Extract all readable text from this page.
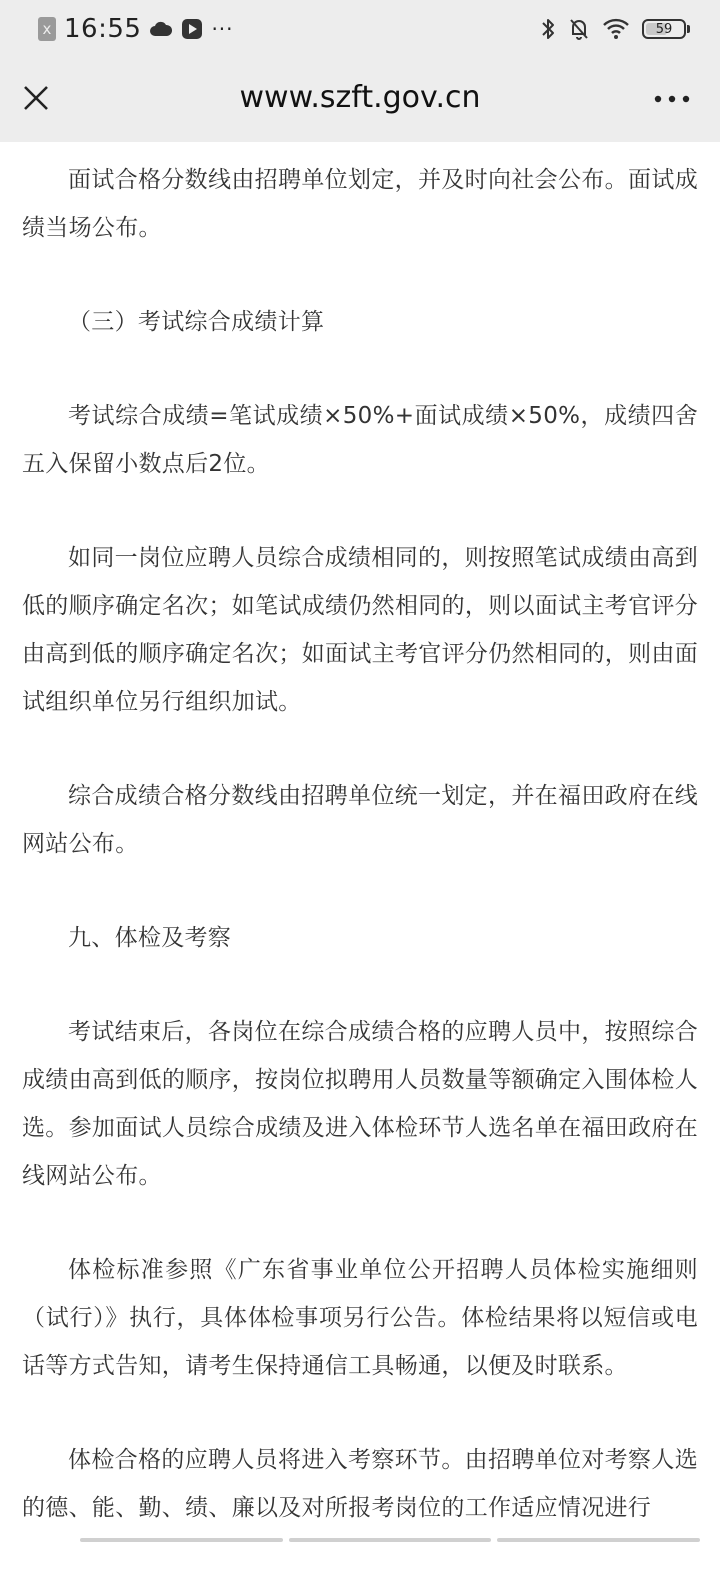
x 16:55	···	59
www.szft.gov.cn

面试合格分数线由招聘单位划定，并及时向社会公布。面试成绩当场公布。

（三）考试综合成绩计算

考试综合成绩=笔试成绩×50%+面试成绩×50%，成绩四舍五入保留小数点后2位。

如同一岗位应聘人员综合成绩相同的，则按照笔试成绩由高到低的顺序确定名次；如笔试成绩仍然相同的，则以面试主考官评分由高到低的顺序确定名次；如面试主考官评分仍然相同的，则由面试组织单位另行组织加试。

综合成绩合格分数线由招聘单位统一划定，并在福田政府在线网站公布。

九、体检及考察

考试结束后，各岗位在综合成绩合格的应聘人员中，按照综合成绩由高到低的顺序，按岗位拟聘用人员数量等额确定入围体检人选。参加面试人员综合成绩及进入体检环节人选名单在福田政府在线网站公布。

体检标准参照《广东省事业单位公开招聘人员体检实施细则（试行）》执行，具体体检事项另行公告。体检结果将以短信或电话等方式告知，请考生保持通信工具畅通，以便及时联系。

体检合格的应聘人员将进入考察环节。由招聘单位对考察人选的德、能、勤、绩、廉以及对所报考岗位的工作适应情况进行
